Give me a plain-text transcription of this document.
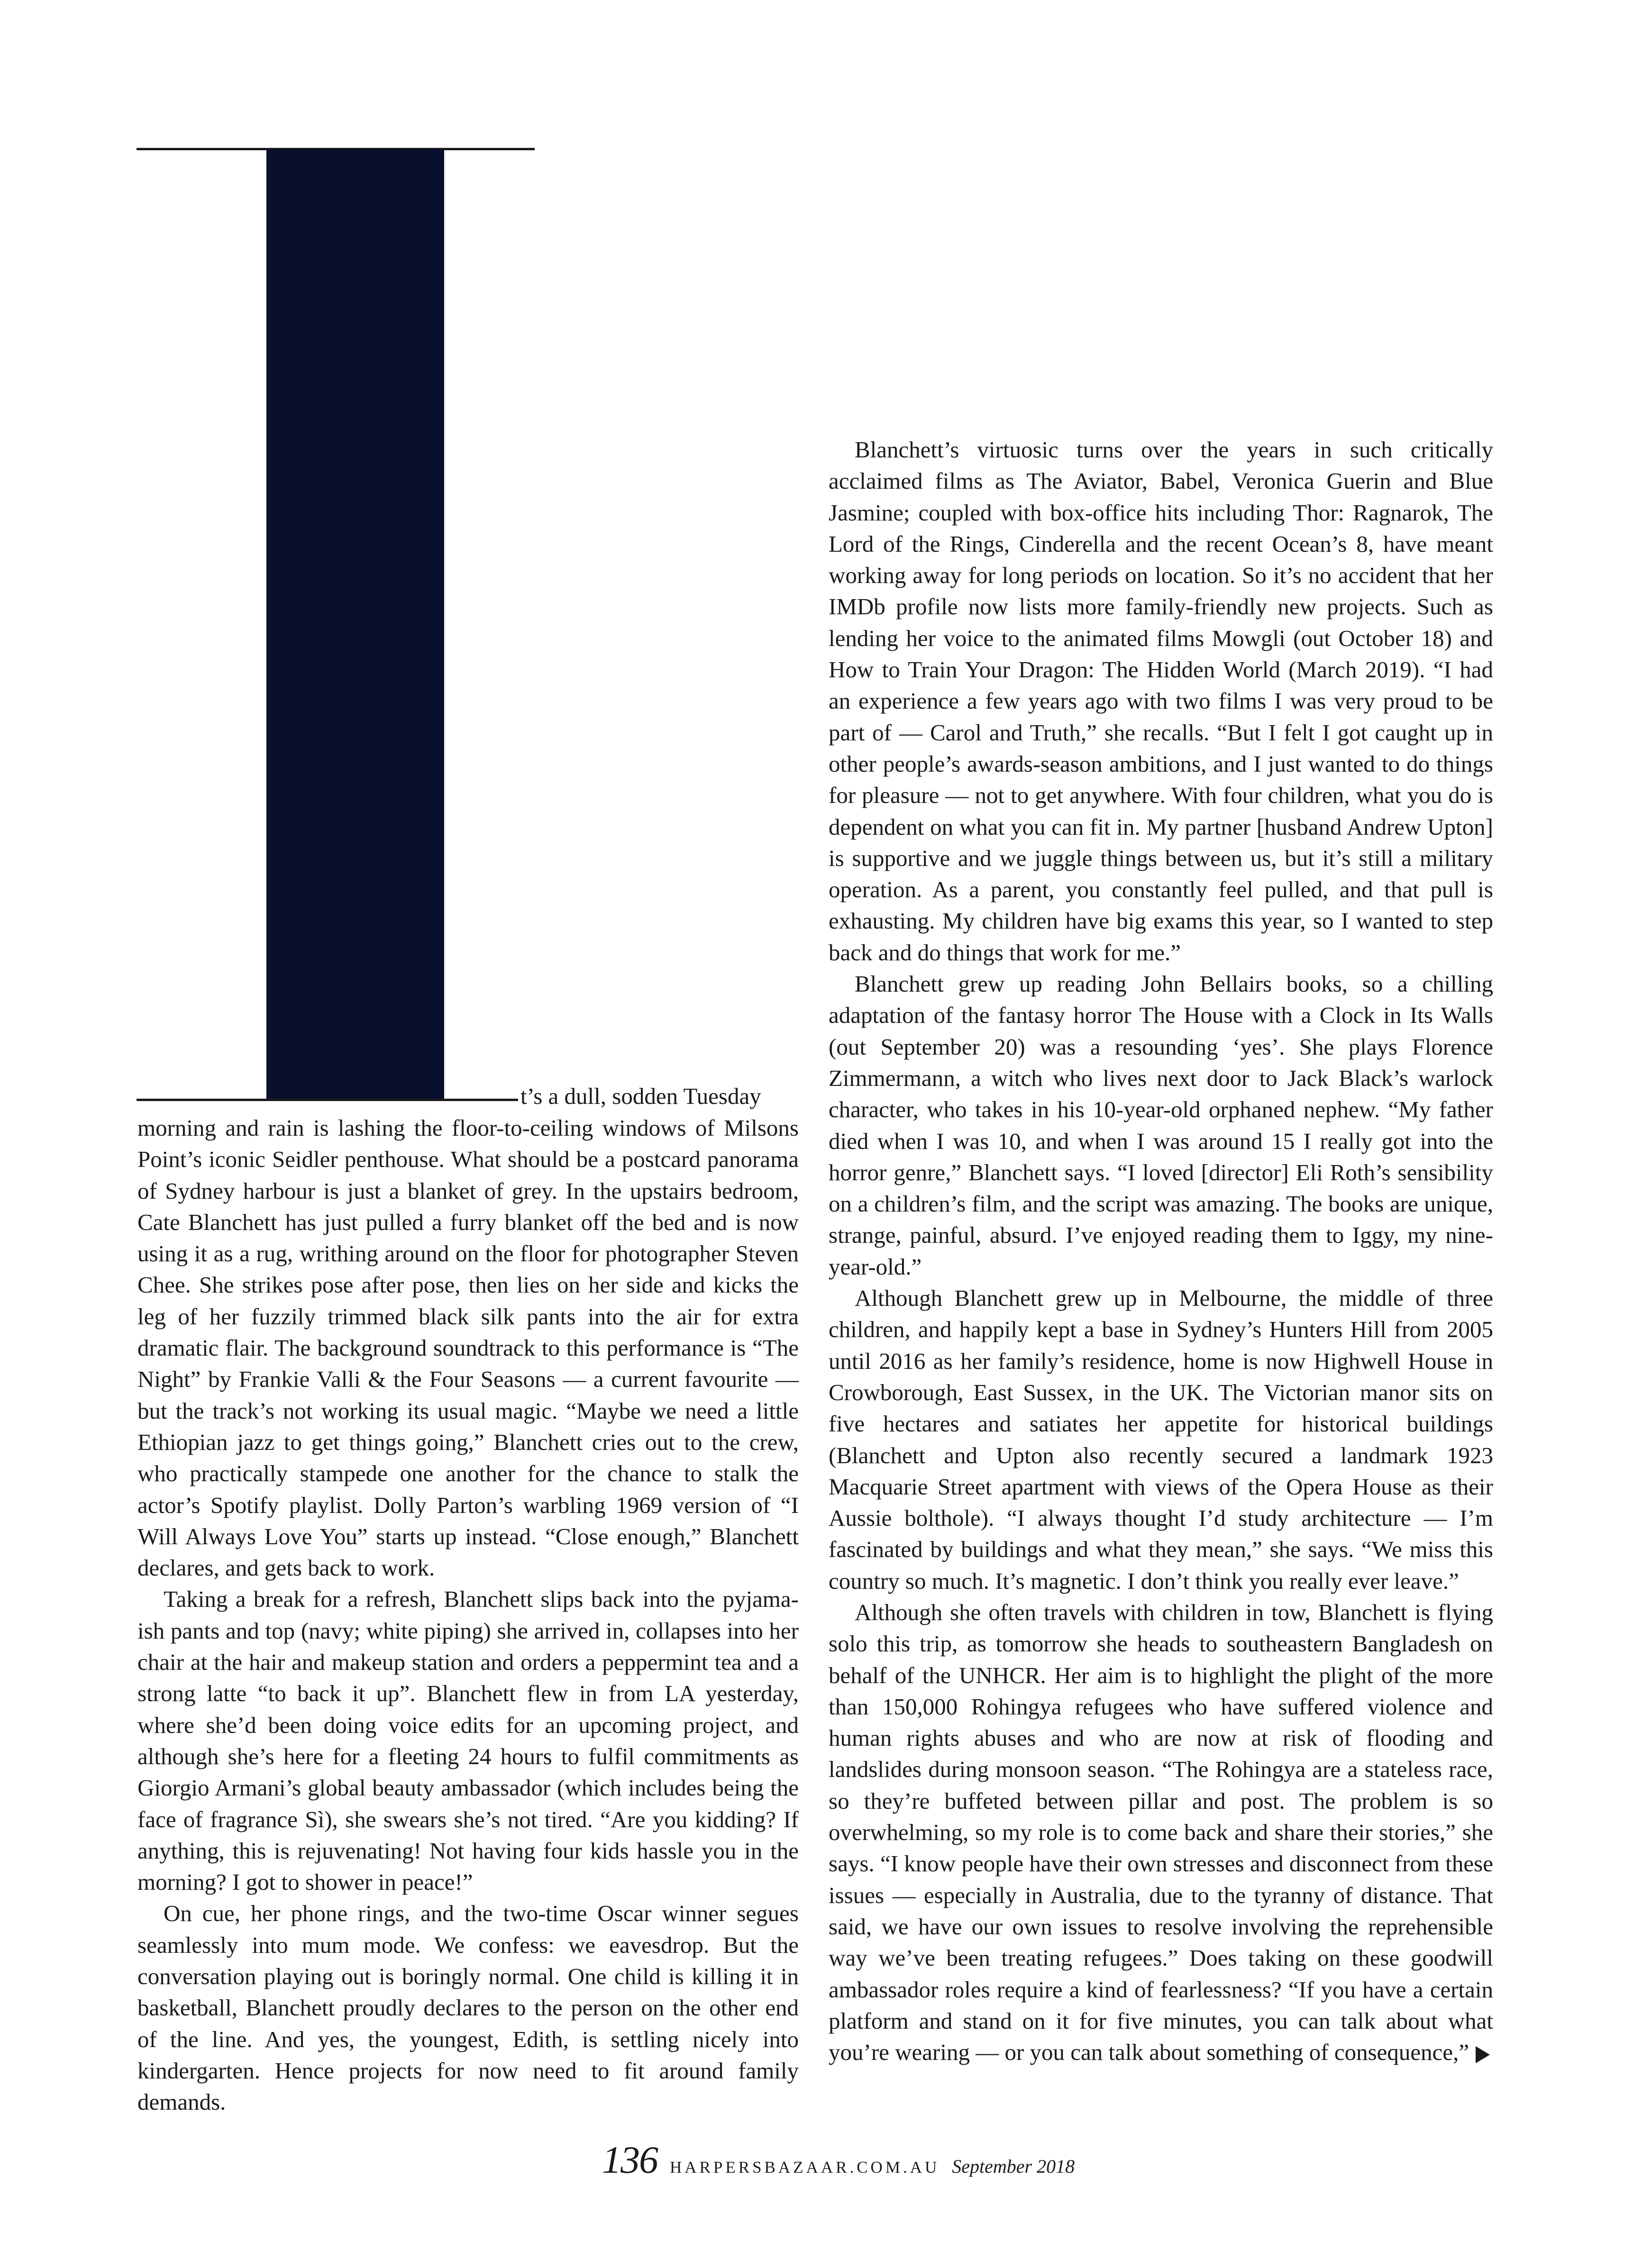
t’s a dull, sodden Tuesday

morning and rain is lashing the floor-to-ceiling windows of Milsons Point’s iconic Seidler penthouse. What should be a postcard panorama of Sydney harbour is just a blanket of grey. In the upstairs bedroom, Cate Blanchett has just pulled a furry blanket off the bed and is now using it as a rug, writhing around on the floor for photographer Steven Chee. She strikes pose after pose, then lies on her side and kicks the leg of her fuzzily trimmed black silk pants into the air for extra dramatic flair. The background soundtrack to this performance is “The Night” by Frankie Valli & the Four Seasons — a current favourite — but the track’s not working its usual magic. “Maybe we need a little Ethiopian jazz to get things going,” Blanchett cries out to the crew, who practically stampede one another for the chance to stalk the actor’s Spotify playlist. Dolly Parton’s warbling 1969 version of “I Will Always Love You” starts up instead. “Close enough,” Blanchett declares, and gets back to work.

Taking a break for a refresh, Blanchett slips back into the pyjama-ish pants and top (navy; white piping) she arrived in, collapses into her chair at the hair and makeup station and orders a peppermint tea and a strong latte “to back it up”. Blanchett flew in from LA yesterday, where she’d been doing voice edits for an upcoming project, and although she’s here for a fleeting 24 hours to fulfil commitments as Giorgio Armani’s global beauty ambassador (which includes being the face of fragrance Sì), she swears she’s not tired. “Are you kidding? If anything, this is rejuvenating! Not having four kids hassle you in the morning? I got to shower in peace!”

On cue, her phone rings, and the two-time Oscar winner segues seamlessly into mum mode. We confess: we eavesdrop. But the conversation playing out is boringly normal. One child is killing it in basketball, Blanchett proudly declares to the person on the other end of the line. And yes, the youngest, Edith, is settling nicely into kindergarten. Hence projects for now need to fit around family demands.

Blanchett’s virtuosic turns over the years in such critically acclaimed films as The Aviator, Babel, Veronica Guerin and Blue Jasmine; coupled with box-office hits including Thor: Ragnarok, The Lord of the Rings, Cinderella and the recent Ocean’s 8, have meant working away for long periods on location. So it’s no accident that her IMDb profile now lists more family-friendly new projects. Such as lending her voice to the animated films Mowgli (out October 18) and How to Train Your Dragon: The Hidden World (March 2019). “I had an experience a few years ago with two films I was very proud to be part of — Carol and Truth,” she recalls. “But I felt I got caught up in other people’s awards-season ambitions, and I just wanted to do things for pleasure — not to get anywhere. With four children, what you do is dependent on what you can fit in. My partner [husband Andrew Upton] is supportive and we juggle things between us, but it’s still a military operation. As a parent, you constantly feel pulled, and that pull is exhausting. My children have big exams this year, so I wanted to step back and do things that work for me.”

Blanchett grew up reading John Bellairs books, so a chilling adaptation of the fantasy horror The House with a Clock in Its Walls (out September 20) was a resounding ‘yes’. She plays Florence Zimmermann, a witch who lives next door to Jack Black’s warlock character, who takes in his 10-year-old orphaned nephew. “My father died when I was 10, and when I was around 15 I really got into the horror genre,” Blanchett says. “I loved [director] Eli Roth’s sensibility on a children’s film, and the script was amazing. The books are unique, strange, painful, absurd. I’ve enjoyed reading them to Iggy, my nine-year-old.”

Although Blanchett grew up in Melbourne, the middle of three children, and happily kept a base in Sydney’s Hunters Hill from 2005 until 2016 as her family’s residence, home is now Highwell House in Crowborough, East Sussex, in the UK. The Victorian manor sits on five hectares and satiates her appetite for historical buildings (Blanchett and Upton also recently secured a landmark 1923 Macquarie Street apartment with views of the Opera House as their Aussie bolthole). “I always thought I’d study architecture — I’m fascinated by buildings and what they mean,” she says. “We miss this country so much. It’s magnetic. I don’t think you really ever leave.”

Although she often travels with children in tow, Blanchett is flying solo this trip, as tomorrow she heads to southeastern Bangladesh on behalf of the UNHCR. Her aim is to highlight the plight of the more than 150,000 Rohingya refugees who have suffered violence and human rights abuses and who are now at risk of flooding and landslides during monsoon season. “The Rohingya are a stateless race, so they’re buffeted between pillar and post. The problem is so overwhelming, so my role is to come back and share their stories,” she says. “I know people have their own stresses and disconnect from these issues — especially in Australia, due to the tyranny of distance. That said, we have our own issues to resolve involving the reprehensible way we’ve been treating refugees.” Does taking on these goodwill ambassador roles require a kind of fearlessness? “If you have a certain platform and stand on it for five minutes, you can talk about what you’re wearing — or you can talk about something of consequence,”

136 HARPERSBAZAAR.COM.AU September 2018
